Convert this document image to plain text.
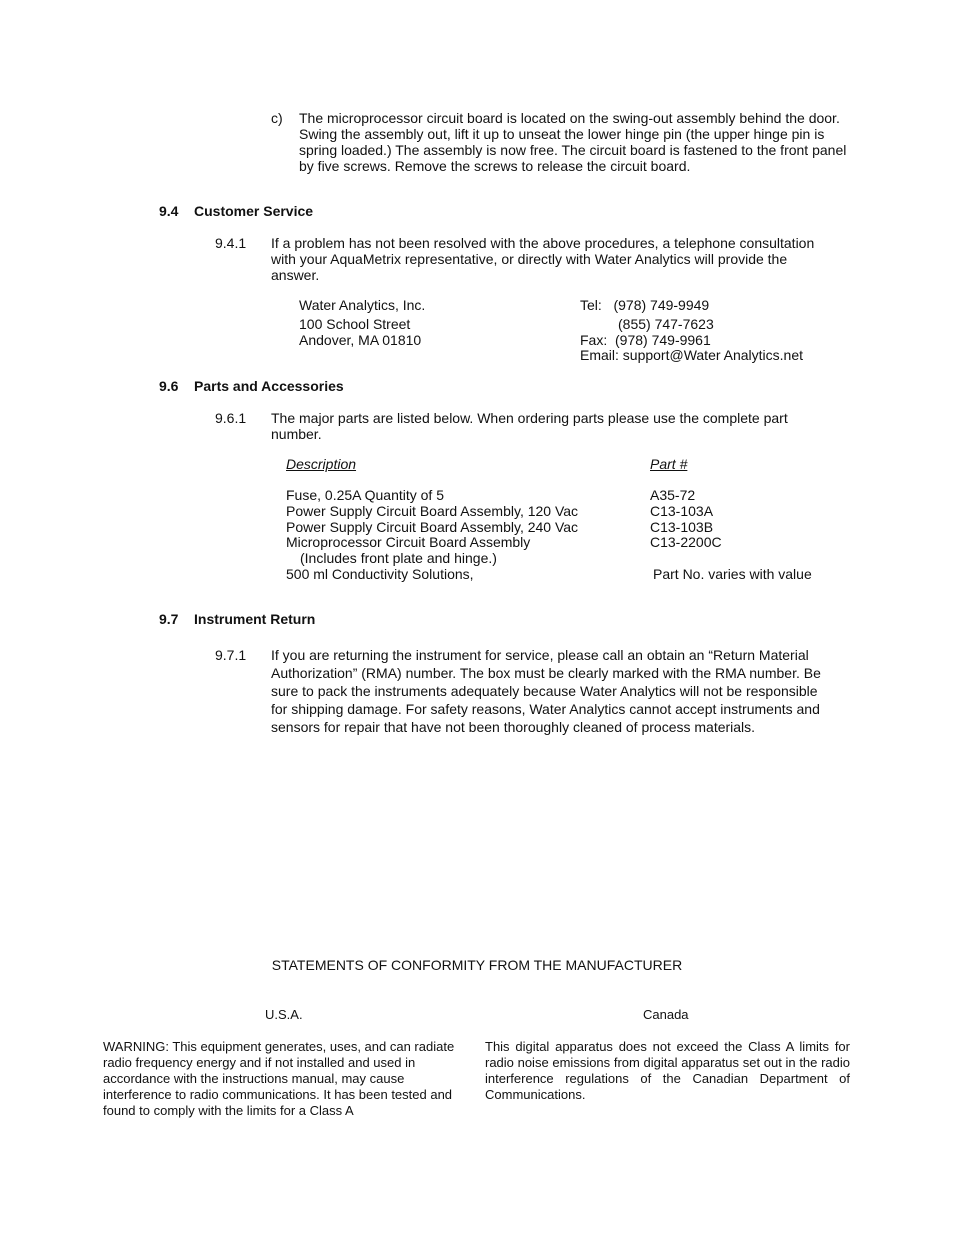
c) The microprocessor circuit board is located on the swing-out assembly behind the door. Swing the assembly out, lift it up to unseat the lower hinge pin (the upper hinge pin is spring loaded.) The assembly is now free. The circuit board is fastened to the front panel by five screws. Remove the screws to release the circuit board.
9.4 Customer Service
9.4.1 If a problem has not been resolved with the above procedures, a telephone consultation with your AquaMetrix representative, or directly with Water Analytics will provide the answer.
Water Analytics, Inc.
100 School Street
Andover, MA 01810
Tel:   (978) 749-9949
(855) 747-7623
Fax:  (978) 749-9961
Email: support@Water Analytics.net
9.6 Parts and Accessories
9.6.1 The major parts are listed below. When ordering parts please use the complete part number.
Description	Part #
Fuse, 0.25A Quantity of 5	A35-72
Power Supply Circuit Board Assembly, 120 Vac	C13-103A
Power Supply Circuit Board Assembly, 240 Vac	C13-103B
Microprocessor Circuit Board Assembly	C13-2200C
(Includes front plate and hinge.)
500 ml Conductivity Solutions,	Part No. varies with value
9.7 Instrument Return
9.7.1 If you are returning the instrument for service, please call an obtain an “Return Material Authorization” (RMA) number. The box must be clearly marked with the RMA number. Be sure to pack the instruments adequately because Water Analytics will not be responsible for shipping damage. For safety reasons, Water Analytics cannot accept instruments and sensors for repair that have not been thoroughly cleaned of process materials.
STATEMENTS OF CONFORMITY FROM THE MANUFACTURER
U.S.A.	Canada
WARNING: This equipment generates, uses, and can radiate radio frequency energy and if not installed and used in accordance with the instructions manual, may cause interference to radio communications. It has been tested and found to comply with the limits for a Class A
This digital apparatus does not exceed the Class A limits for radio noise emissions from digital apparatus set out in the radio interference regulations of the Canadian Department of Communications.
